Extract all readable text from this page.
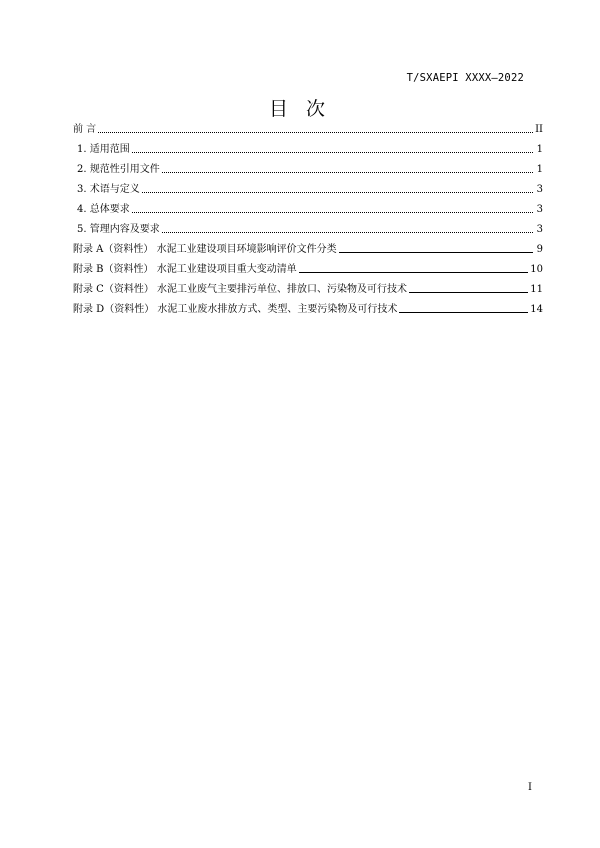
T/SXAEPI XXXX—2022
目 次
前 言	II
1. 适用范围	1
2. 规范性引用文件	1
3. 术语与定义	3
4. 总体要求	3
5. 管理内容及要求	3
附录 A（资料性） 水泥工业建设项目环境影响评价文件分类	9
附录 B（资料性） 水泥工业建设项目重大变动清单	10
附录 C（资料性） 水泥工业废气主要排污单位、排放口、污染物及可行技术	11
附录 D（资料性） 水泥工业废水排放方式、类型、主要污染物及可行技术	14
I
